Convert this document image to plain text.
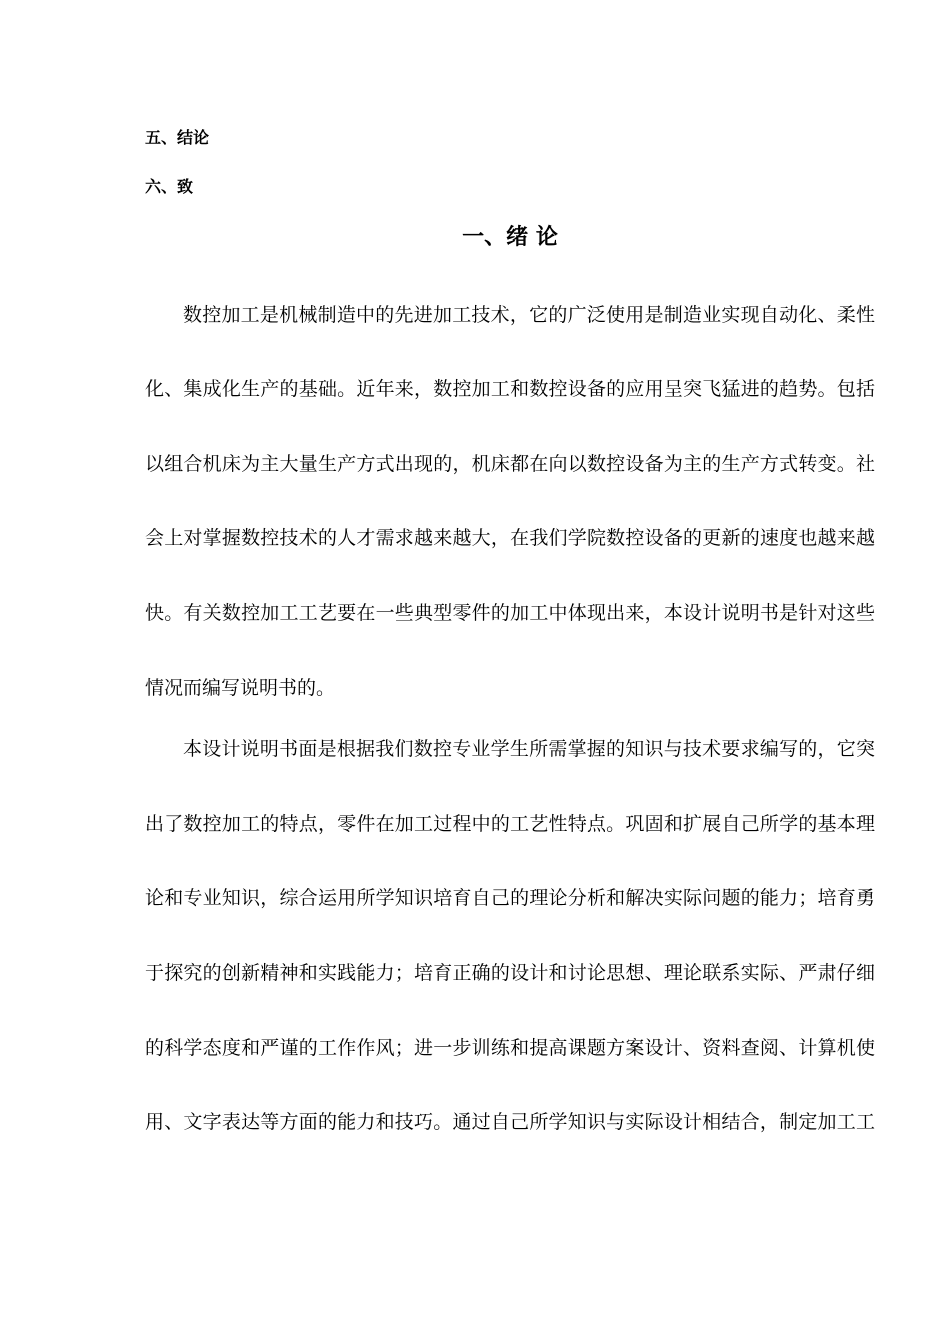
五、结论
六、致
一、绪 论
数控加工是机械制造中的先进加工技术，它的广泛使用是制造业实现自动化、柔性
化、集成化生产的基础。近年来，数控加工和数控设备的应用呈突飞猛进的趋势。包括
以组合机床为主大量生产方式出现的，机床都在向以数控设备为主的生产方式转变。社
会上对掌握数控技术的人才需求越来越大，在我们学院数控设备的更新的速度也越来越
快。有关数控加工工艺要在一些典型零件的加工中体现出来，本设计说明书是针对这些
情况而编写说明书的。
本设计说明书面是根据我们数控专业学生所需掌握的知识与技术要求编写的，它突
出了数控加工的特点，零件在加工过程中的工艺性特点。巩固和扩展自己所学的基本理
论和专业知识，综合运用所学知识培育自己的理论分析和解决实际问题的能力；培育勇
于探究的创新精神和实践能力；培育正确的设计和讨论思想、理论联系实际、严肃仔细
的科学态度和严谨的工作作风；进一步训练和提高课题方案设计、资料查阅、计算机使
用、文字表达等方面的能力和技巧。通过自己所学知识与实际设计相结合，制定加工工
